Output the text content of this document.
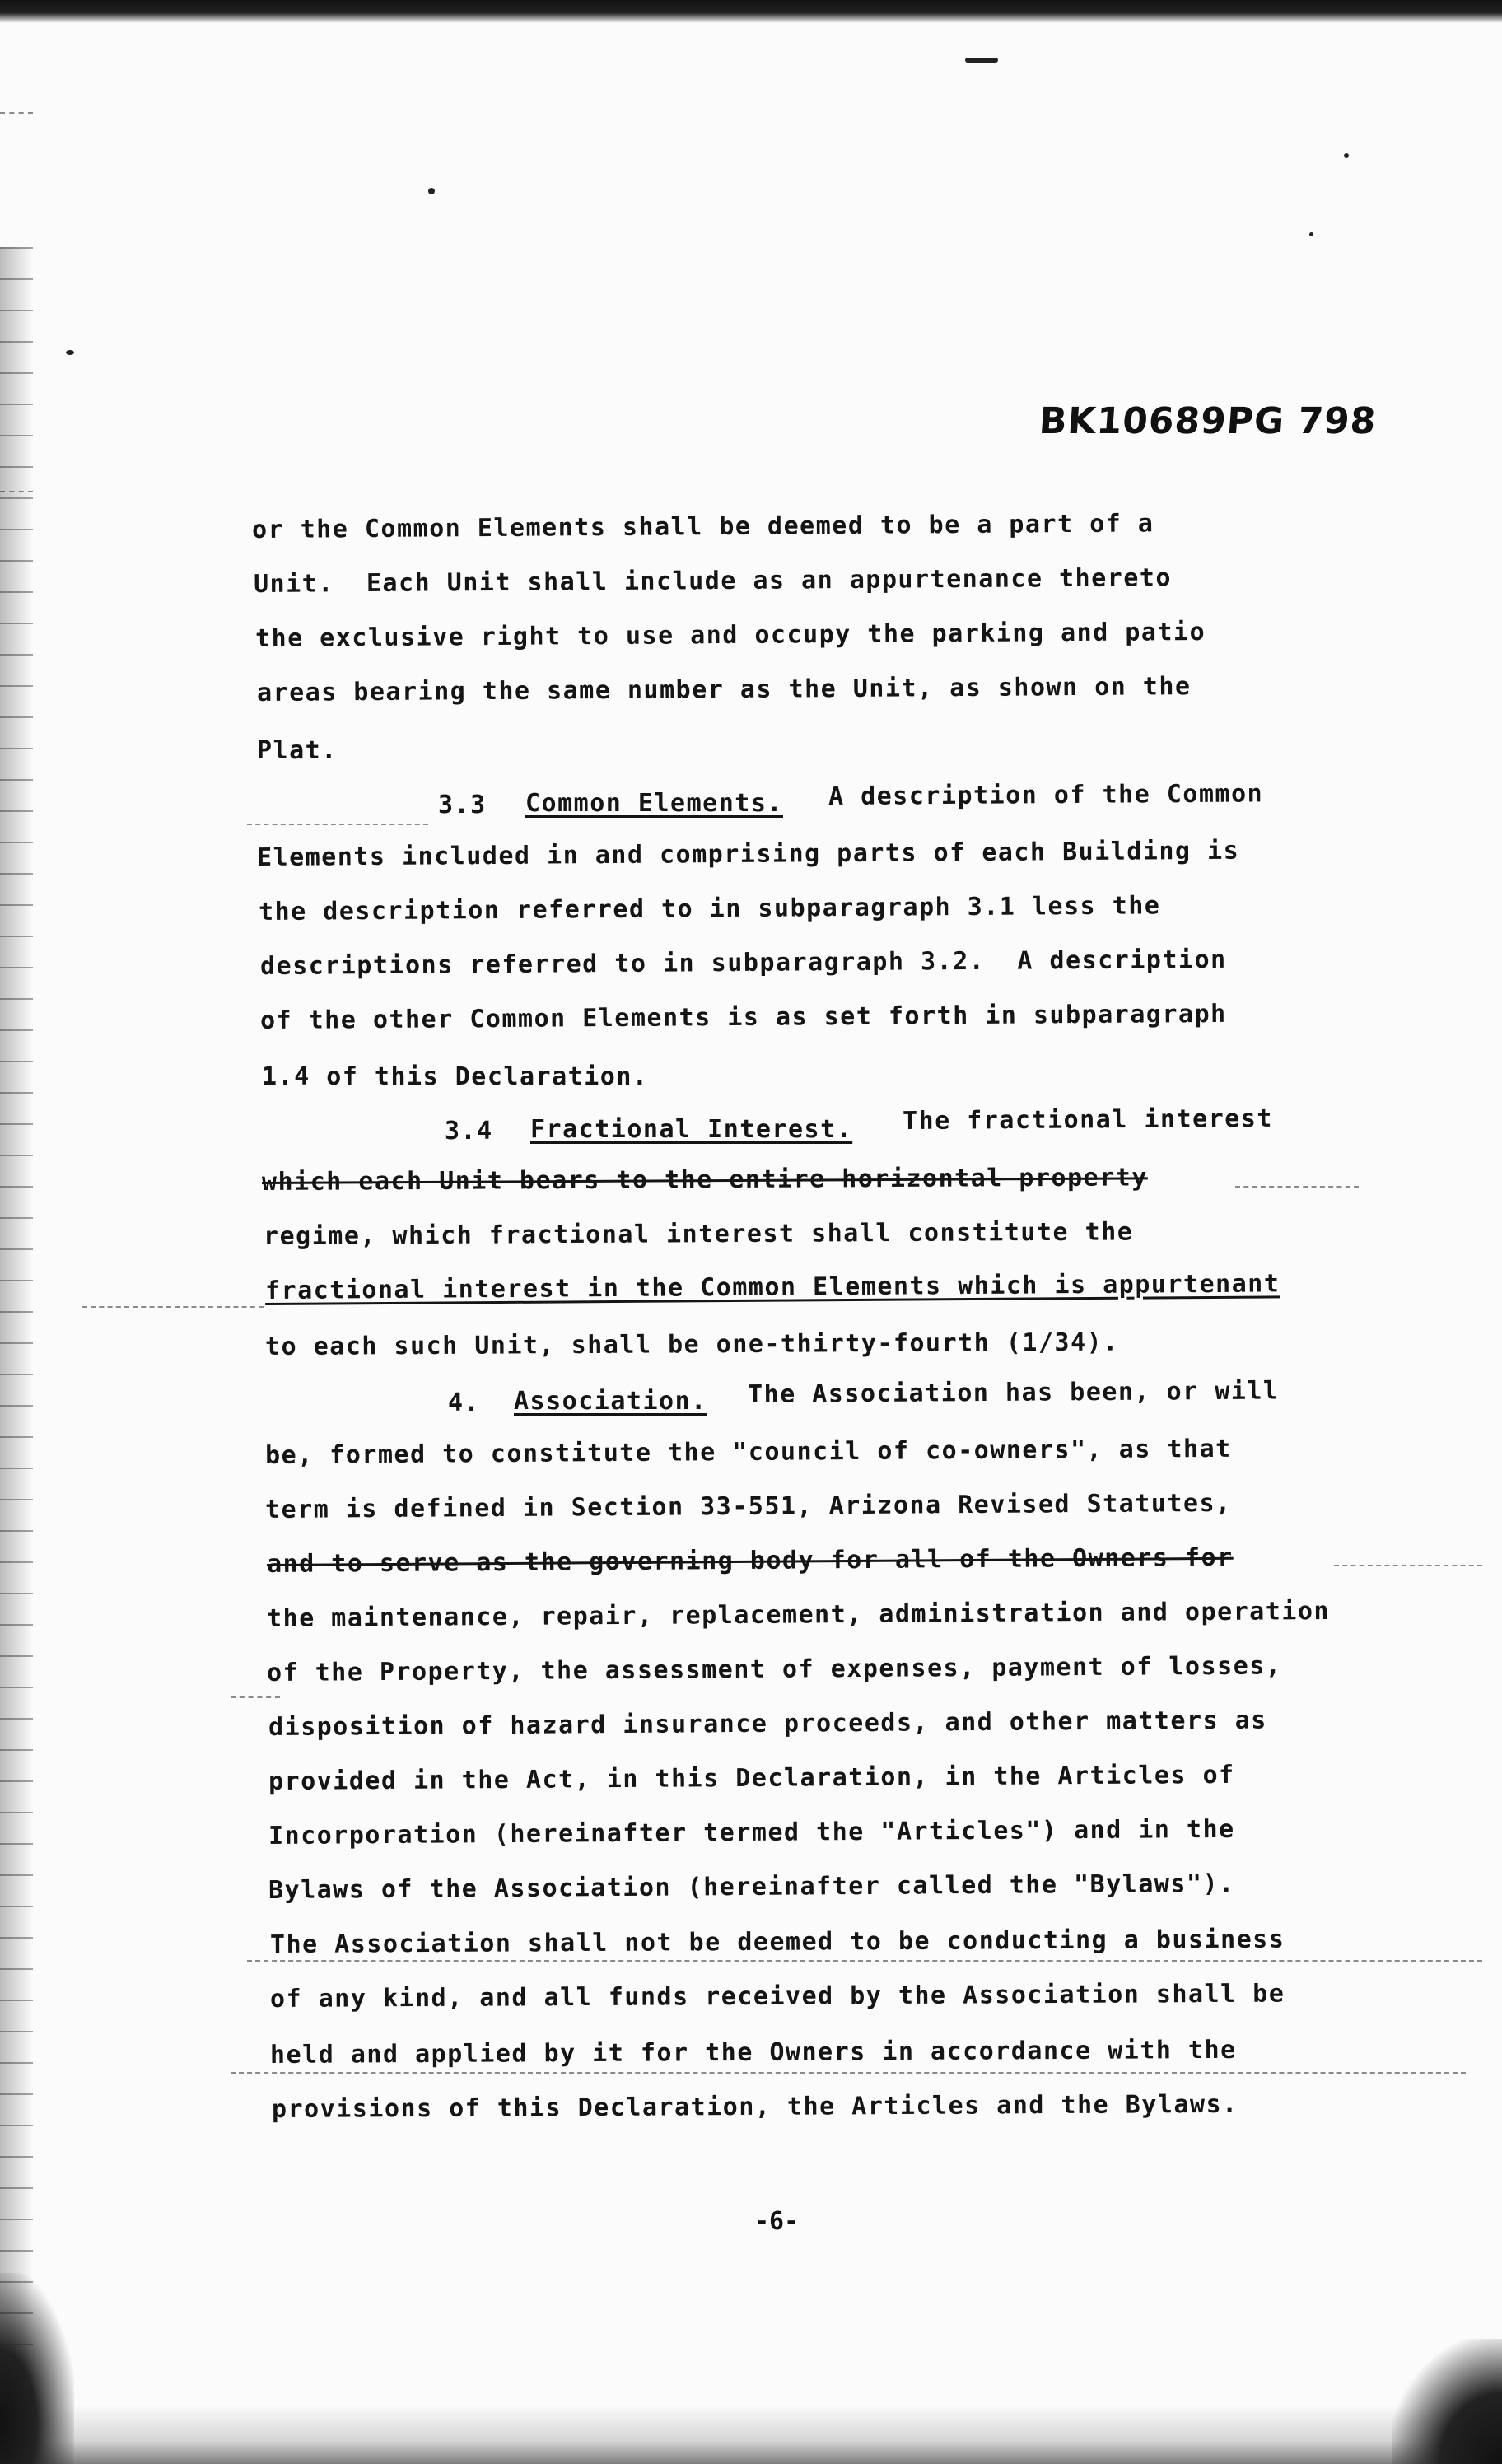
BK10689PG 798
or the Common Elements shall be deemed to be a part of a
Unit.  Each Unit shall include as an appurtenance thereto
the exclusive right to use and occupy the parking and patio
areas bearing the same number as the Unit, as shown on the
Plat.
3.3 Common Elements. A description of the Common
Elements included in and comprising parts of each Building is
the description referred to in subparagraph 3.1 less the
descriptions referred to in subparagraph 3.2.  A description
of the other Common Elements is as set forth in subparagraph
1.4 of this Declaration.
3.4 Fractional Interest. The fractional interest
which each Unit bears to the entire horizontal property
regime, which fractional interest shall constitute the
fractional interest in the Common Elements which is appurtenant
to each such Unit, shall be one-thirty-fourth (1/34).
4. Association. The Association has been, or will
be, formed to constitute the "council of co-owners", as that
term is defined in Section 33-551, Arizona Revised Statutes,
and to serve as the governing body for all of the Owners for
the maintenance, repair, replacement, administration and operation
of the Property, the assessment of expenses, payment of losses,
disposition of hazard insurance proceeds, and other matters as
provided in the Act, in this Declaration, in the Articles of
Incorporation (hereinafter termed the "Articles") and in the
Bylaws of the Association (hereinafter called the "Bylaws").
The Association shall not be deemed to be conducting a business
of any kind, and all funds received by the Association shall be
held and applied by it for the Owners in accordance with the
provisions of this Declaration, the Articles and the Bylaws.
-6-
